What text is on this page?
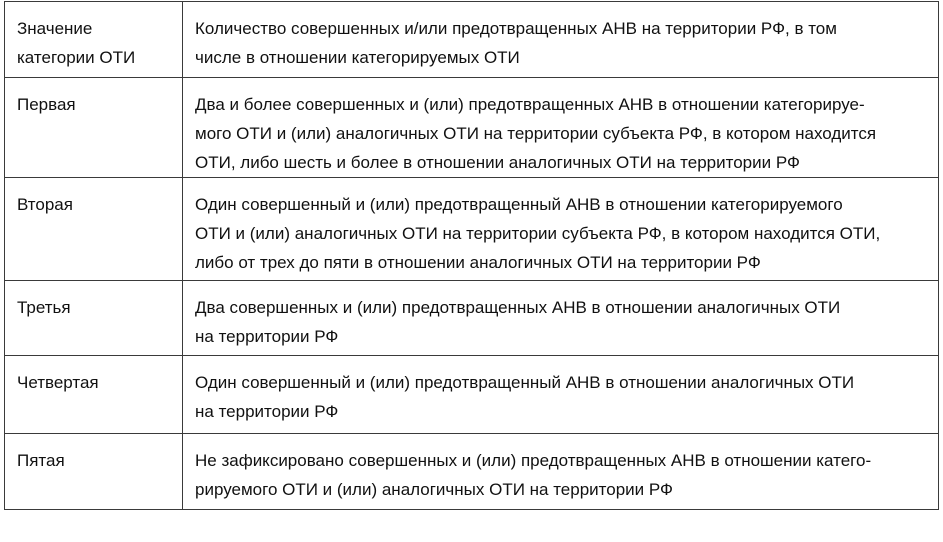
Значение
категории ОТИ	Количество совершенных и/или предотвращенных АНВ на территории РФ, в том
числе в отношении категорируемых ОТИ

Первая	Два и более совершенных и (или) предотвращенных АНВ в отношении категорируе-
мого ОТИ и (или) аналогичных ОТИ на территории субъекта РФ, в котором находится
ОТИ, либо шесть и более в отношении аналогичных ОТИ на территории РФ

Вторая	Один совершенный и (или) предотвращенный АНВ в отношении категорируемого
ОТИ и (или) аналогичных ОТИ на территории субъекта РФ, в котором находится ОТИ,
либо от трех до пяти в отношении аналогичных ОТИ на территории РФ

Третья	Два совершенных и (или) предотвращенных АНВ в отношении аналогичных ОТИ
на территории РФ

Четвертая	Один совершенный и (или) предотвращенный АНВ в отношении аналогичных ОТИ
на территории РФ

Пятая	Не зафиксировано совершенных и (или) предотвращенных АНВ в отношении катего-
рируемого ОТИ и (или) аналогичных ОТИ на территории РФ
